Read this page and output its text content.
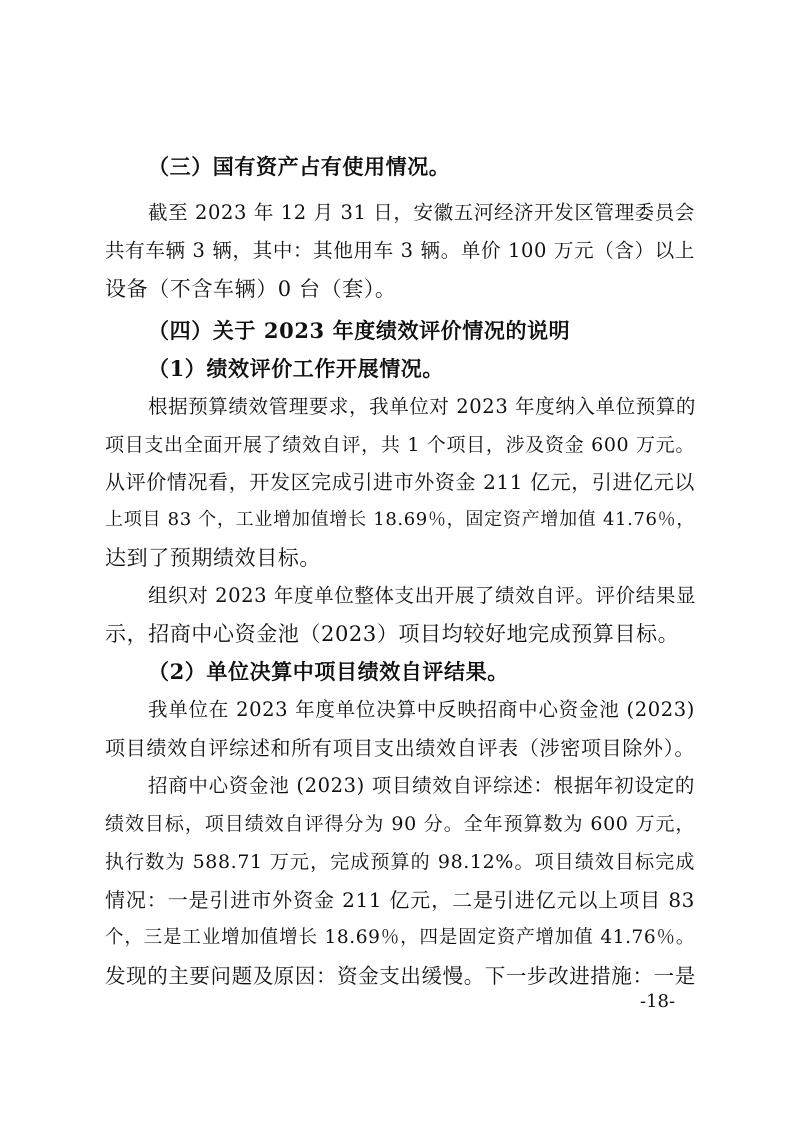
（三）国有资产占有使用情况。
截至 2023 年 12 月 31 日，安徽五河经济开发区管理委员会
共有车辆 3 辆，其中：其他用车 3 辆。单价 100 万元（含）以上
设备（不含车辆）0 台（套）。
（四）关于 2023 年度绩效评价情况的说明
（1）绩效评价工作开展情况。
根据预算绩效管理要求，我单位对 2023 年度纳入单位预算的
项目支出全面开展了绩效自评，共 1 个项目，涉及资金 600 万元。
从评价情况看，开发区完成引进市外资金 211 亿元，引进亿元以
上项目 83 个，工业增加值增长 18.69％，固定资产增加值 41.76％，
达到了预期绩效目标。
组织对 2023 年度单位整体支出开展了绩效自评。评价结果显
示，招商中心资金池（2023）项目均较好地完成预算目标。
（2）单位决算中项目绩效自评结果。
我单位在 2023 年度单位决算中反映招商中心资金池 (2023)
项目绩效自评综述和所有项目支出绩效自评表（涉密项目除外）。
招商中心资金池 (2023) 项目绩效自评综述：根据年初设定的
绩效目标，项目绩效自评得分为 90 分。全年预算数为 600 万元，
执行数为 588.71 万元，完成预算的 98.12%。项目绩效目标完成
情况：一是引进市外资金 211 亿元，二是引进亿元以上项目 83
个，三是工业增加值增长 18.69％，四是固定资产增加值 41.76％。
发现的主要问题及原因：资金支出缓慢。下一步改进措施：一是
-18-
